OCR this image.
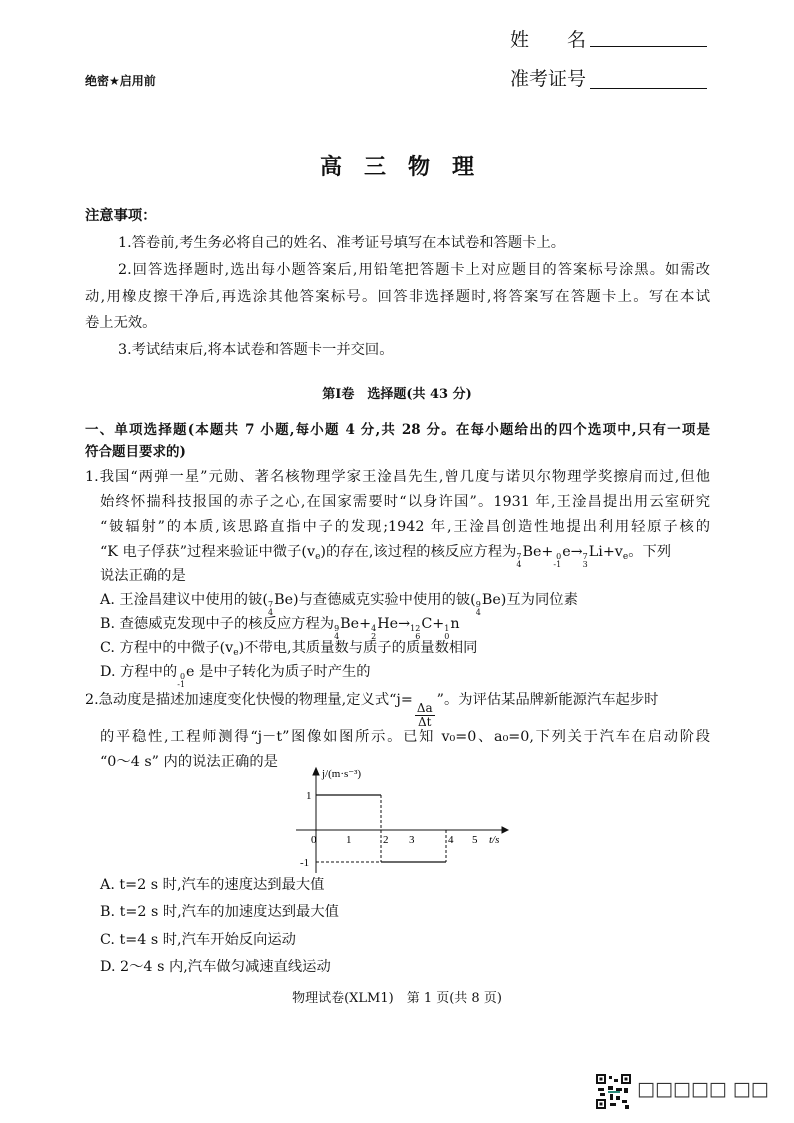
姓　　名
准考证号
绝密★启用前
高　三　物　理
注意事项：
1.答卷前,考生务必将自己的姓名、准考证号填写在本试卷和答题卡上。
2.回答选择题时,选出每小题答案后,用铅笔把答题卡上对应题目的答案标号涂黑。如需改
动,用橡皮擦干净后,再选涂其他答案标号。回答非选择题时,将答案写在答题卡上。写在本试
卷上无效。
3.考试结束后,将本试卷和答题卡一并交回。
第Ⅰ卷　选择题(共 43 分)
一、单项选择题(本题共 7 小题,每小题 4 分,共 28 分。在每小题给出的四个选项中,只有一项是
符合题目要求的)
1.我国“两弹一星”元勋、著名核物理学家王淦昌先生,曾几度与诺贝尔物理学奖擦肩而过,但他
始终怀揣科技报国的赤子之心,在国家需要时“以身许国”。1931 年,王淦昌提出用云室研究
“铍辐射”的本质,该思路直指中子的发现;1942 年,王淦昌创造性地提出利用轻原子核的
“K 电子俘获”过程来验证中微子$(v_e)$的存在,该过程的核反应方程为 7
4
Be+ 0
-1
e→ 7
3
$Li+v_e$。下列
说法正确的是
A. 王淦昌建议中使用的铍( 7
4
Be)与查德威克实验中使用的铍( 9
4
Be)互为同位素
B. 查德威克发现中子的核反应方程为 9
4
Be+ 4
2
He→ 12
6
C+ 1
0
n
C. 方程中的中微子$(v_e)$不带电,其质量数与质子的质量数相同
D. 方程中的 0
-1
e 是中子转化为质子时产生的
2.急动度是描述加速度变化快慢的物理量,定义式“j=
$\frac{\Delta a}{\Delta t}$
”。为评估某品牌新能源汽车起步时
的平稳性,工程师测得“j－t”图像如图所示。已知 v₀=0、a₀=0,下列关于汽车在启动阶段
“0～4 s” 内的说法正确的是
j/(m·s⁻³)
1
-1
0	1	2 3	4 5 t/s
A. t=2 s 时,汽车的速度达到最大值
B. t=2 s 时,汽车的加速度达到最大值
C. t=4 s 时,汽车开始反向运动
D. 2～4 s 内,汽车做匀减速直线运动
物理试卷(XLM1)　第 1 页(共 8 页)
□□□□□ □□
